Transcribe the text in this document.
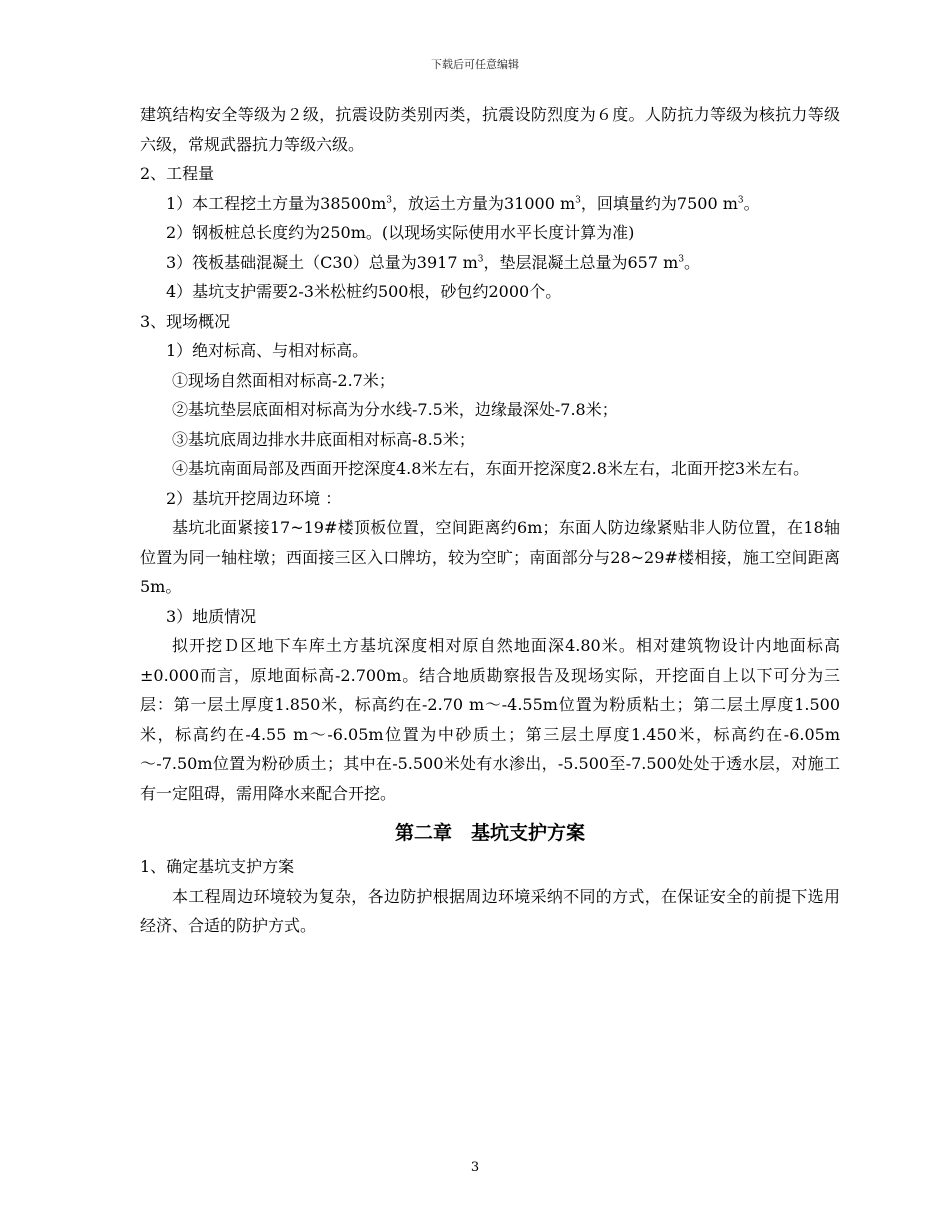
下载后可任意编辑

建筑结构安全等级为２级，抗震设防类别丙类，抗震设防烈度为６度。人防抗力等级为核抗力等级六级，常规武器抗力等级六级。

2、工程量

1）本工程挖土方量为$38500m^3$，放运土方量为31000 $m^3$，回填量约为7500 $m^3$。

2）钢板桩总长度约为250m。(以现场实际使用水平长度计算为准)

3）筏板基础混凝土（C30）总量为3917 $m^3$，垫层混凝土总量为657 $m^3$。

4）基坑支护需要2-3米松桩约500根，砂包约2000个。

3、现场概况

1）绝对标高、与相对标高。

①现场自然面相对标高-2.7米；

②基坑垫层底面相对标高为分水线-7.5米，边缘最深处-7.8米；

③基坑底周边排水井底面相对标高-8.5米；

④基坑南面局部及西面开挖深度4.8米左右，东面开挖深度2.8米左右，北面开挖3米左右。

2）基坑开挖周边环境 ：

基坑北面紧接17~19#楼顶板位置，空间距离约6m；东面人防边缘紧贴非人防位置，在18轴位置为同一轴柱墩；西面接三区入口牌坊，较为空旷；南面部分与28~29#楼相接，施工空间距离5m。

3）地质情况

拟开挖Ｄ区地下车库土方基坑深度相对原自然地面深4.80米。相对建筑物设计内地面标高±0.000而言，原地面标高-2.700m。结合地质勘察报告及现场实际，开挖面自上以下可分为三层：第一层土厚度1.850米，标高约在-2.70 m～-4.55m位置为粉质粘土；第二层土厚度1.500米，标高约在-4.55 m～-6.05m位置为中砂质土；第三层土厚度1.450米，标高约在-6.05m～-7.50m位置为粉砂质土；其中在-5.500米处有水渗出，-5.500至-7.500处处于透水层，对施工有一定阻碍，需用降水来配合开挖。

第二章　基坑支护方案

1、确定基坑支护方案

本工程周边环境较为复杂，各边防护根据周边环境采纳不同的方式，在保证安全的前提下选用经济、合适的防护方式。

3
